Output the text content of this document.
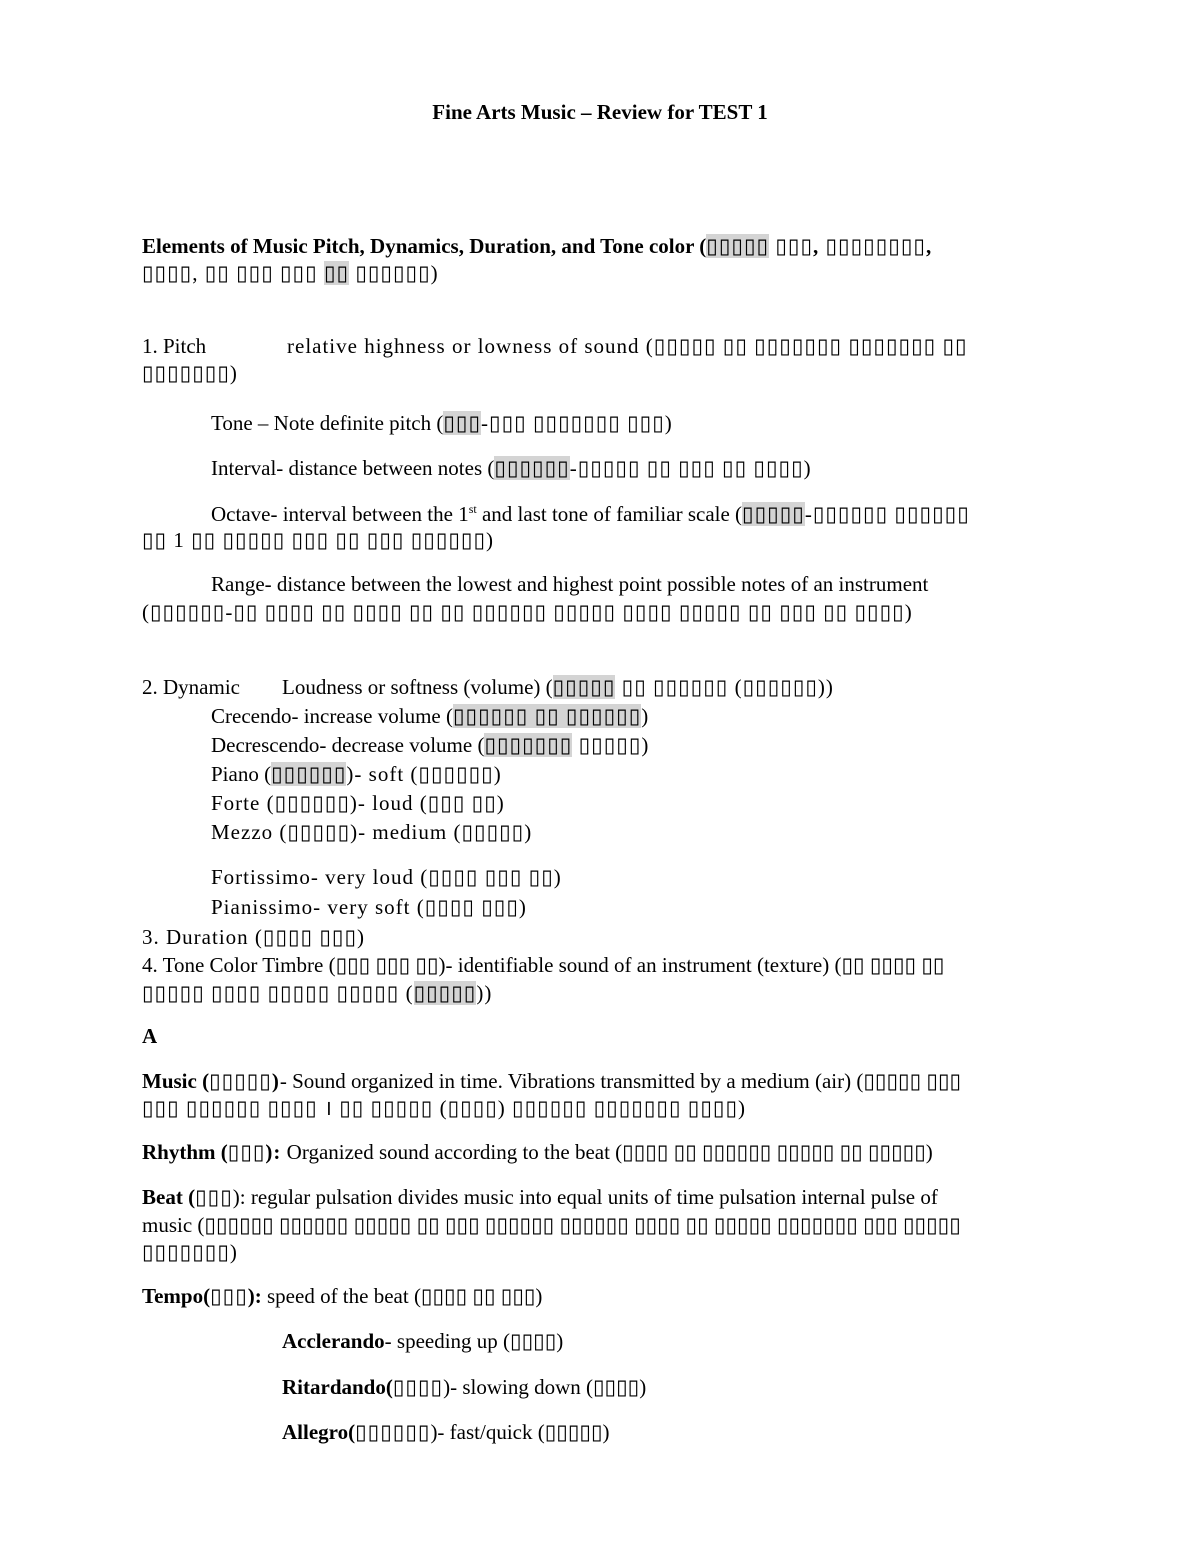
Fine Arts Music – Review for TEST 1
Elements of Music Pitch, Dynamics, Duration, and Tone color (▯▯▯▯▯ ▯▯▯, ▯▯▯▯▯▯▯▯,
▯▯▯▯, ▯▯ ▯▯▯ ▯▯▯ ▯▯ ▯▯▯▯▯▯)
1. Pitch	relative highness or lowness of sound (▯▯▯▯▯ ▯▯ ▯▯▯▯▯▯▯ ▯▯▯▯▯▯▯ ▯▯
▯▯▯▯▯▯▯)
Tone – Note definite pitch (▯▯▯-▯▯▯ ▯▯▯▯▯▯▯ ▯▯▯)
Interval- distance between notes (▯▯▯▯▯▯-▯▯▯▯▯ ▯▯ ▯▯▯ ▯▯ ▯▯▯▯)
Octave- interval between the 1st and last tone of familiar scale (▯▯▯▯▯-▯▯▯▯▯▯ ▯▯▯▯▯▯
▯▯ 1 ▯▯ ▯▯▯▯▯ ▯▯▯ ▯▯ ▯▯▯ ▯▯▯▯▯▯)
Range- distance between the lowest and highest point possible notes of an instrument
(▯▯▯▯▯▯-▯▯ ▯▯▯▯ ▯▯ ▯▯▯▯ ▯▯ ▯▯ ▯▯▯▯▯▯ ▯▯▯▯▯ ▯▯▯▯ ▯▯▯▯▯ ▯▯ ▯▯▯ ▯▯ ▯▯▯▯)
2. Dynamic Loudness or softness (volume) (▯▯▯▯▯ ▯▯ ▯▯▯▯▯▯ (▯▯▯▯▯▯))
Crecendo- increase volume (▯▯▯▯▯▯ ▯▯ ▯▯▯▯▯▯)
Decrescendo- decrease volume (▯▯▯▯▯▯▯ ▯▯▯▯▯)
Piano (▯▯▯▯▯▯)- soft (▯▯▯▯▯▯)
Forte (▯▯▯▯▯▯)- loud (▯▯▯ ▯▯)
Mezzo (▯▯▯▯▯)- medium (▯▯▯▯▯)
Fortissimo- very loud (▯▯▯▯ ▯▯▯ ▯▯)
Pianissimo- very soft (▯▯▯▯ ▯▯▯)
3. Duration (▯▯▯▯ ▯▯▯)
4. Tone Color Timbre (▯▯▯ ▯▯▯ ▯▯)- identifiable sound of an instrument (texture) (▯▯ ▯▯▯▯ ▯▯
▯▯▯▯▯ ▯▯▯▯ ▯▯▯▯▯ ▯▯▯▯▯ (▯▯▯▯▯))
A
Music (▯▯▯▯▯)- Sound organized in time. Vibrations transmitted by a medium (air) (▯▯▯▯▯ ▯▯▯
▯▯▯ ▯▯▯▯▯▯ ▯▯▯▯ । ▯▯ ▯▯▯▯▯ (▯▯▯▯) ▯▯▯▯▯▯ ▯▯▯▯▯▯▯ ▯▯▯▯)
Rhythm (▯▯▯): Organized sound according to the beat (▯▯▯▯ ▯▯ ▯▯▯▯▯▯ ▯▯▯▯▯ ▯▯ ▯▯▯▯▯)
Beat (▯▯▯): regular pulsation divides music into equal units of time pulsation internal pulse of
music (▯▯▯▯▯▯ ▯▯▯▯▯▯ ▯▯▯▯▯ ▯▯ ▯▯▯ ▯▯▯▯▯▯ ▯▯▯▯▯▯ ▯▯▯▯ ▯▯ ▯▯▯▯▯ ▯▯▯▯▯▯▯ ▯▯▯ ▯▯▯▯▯
▯▯▯▯▯▯▯)
Tempo(▯▯▯): speed of the beat (▯▯▯▯ ▯▯ ▯▯▯)
Acclerando- speeding up (▯▯▯▯)
Ritardando(▯▯▯▯)- slowing down (▯▯▯▯)
Allegro(▯▯▯▯▯▯)- fast/quick (▯▯▯▯▯)
